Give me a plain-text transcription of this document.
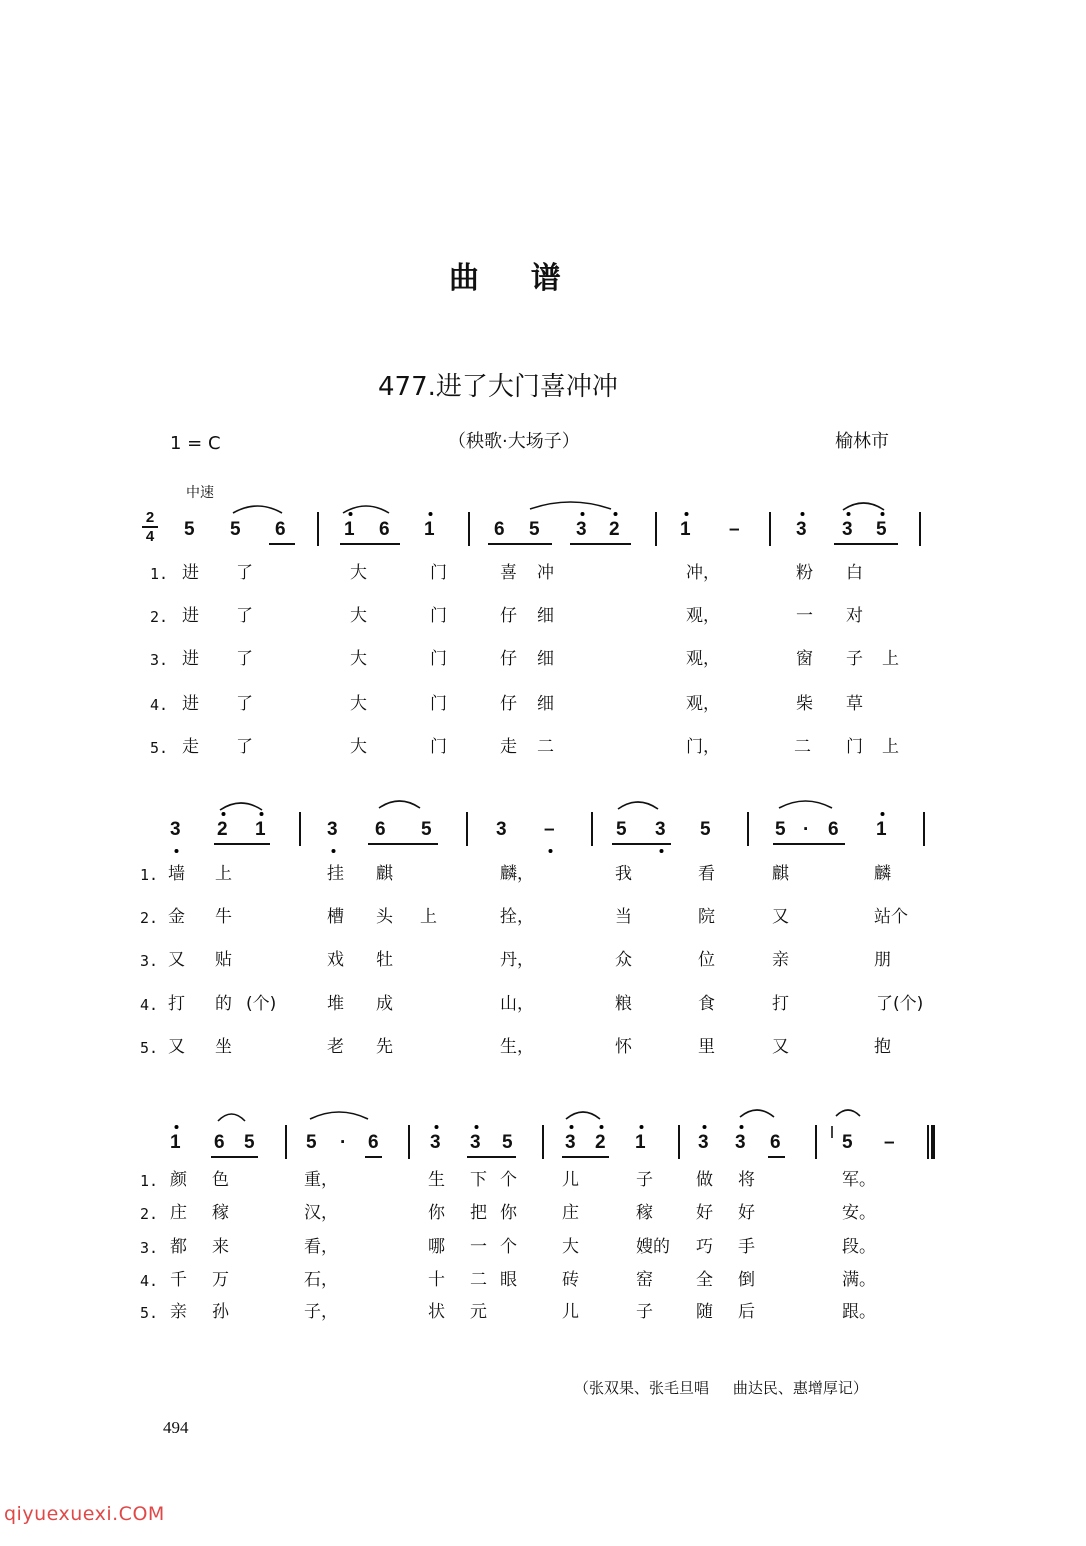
曲    谱
477.进了大门喜冲冲
1 = C	（秧歌·大场子）	榆林市
中速
2
4	5 5 6	1 6 1	6 5 3 2	1 –	3 3 5
1. 进 了	大	门	喜 冲	冲，	粉 白
2. 进 了	大	门	仔 细	观，	一 对
3. 进 了	大	门	仔 细	观，	窗 子 上
4. 进 了	大	门	仔 细	观，	柴 草
5. 走 了	大	门	走 二	门，	二 门 上
3 2 1	3 6 5	3 –	5 3 5	5 · 6 1
1. 墙 上	挂 麒	麟，	我	看	麒	麟
2. 金 牛	槽 头 上	拴，	当	院	又	站个
3. 又 贴	戏 牡	丹，	众	位	亲	朋
4. 打 的 (个)	堆 成	山，	粮	食	打	了(个)
5. 又 坐	老 先	生，	怀	里	又	抱
1 6 5	5 · 6	3 3 5	3 2 1	3 3 6	5 –
1. 颜 色	重，	生 下 个	儿	子	做 将	军。
2. 庄 稼	汉，	你 把 你	庄	稼	好 好	安。
3. 都 来	看，	哪 一 个	大	嫂的 巧 手	段。
4. 千 万	石，	十 二 眼	砖	窑	全 倒	满。
5. 亲 孙	子，	状 元	儿	子	随 后	跟。
（张双果、张毛旦唱     曲达民、惠增厚记）
494
qiyuexuexi.COM
